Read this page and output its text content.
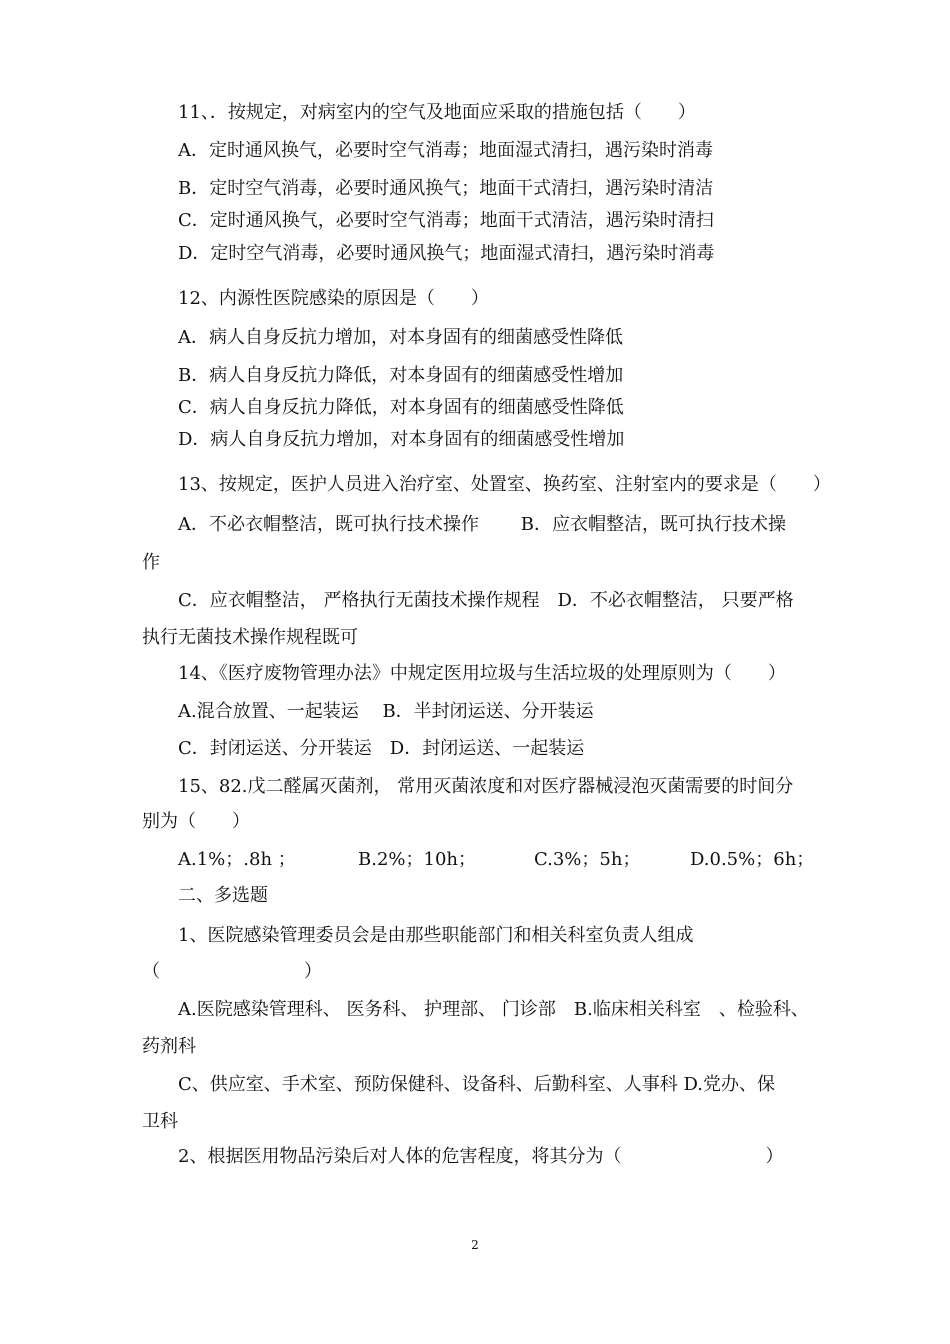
11、．按规定，对病室内的空气及地面应采取的措施包括（　　）
A．定时通风换气，必要时空气消毒；地面湿式清扫，遇污染时消毒
B．定时空气消毒，必要时通风换气；地面干式清扫，遇污染时清洁
C．定时通风换气，必要时空气消毒；地面干式清洁，遇污染时清扫
D．定时空气消毒，必要时通风换气；地面湿式清扫，遇污染时消毒
12、内源性医院感染的原因是（　　）
A．病人自身反抗力增加，对本身固有的细菌感受性降低
B．病人自身反抗力降低，对本身固有的细菌感受性增加
C．病人自身反抗力降低，对本身固有的细菌感受性降低
D．病人自身反抗力增加，对本身固有的细菌感受性增加
13、按规定，医护人员进入治疗室、处置室、换药室、注射室内的要求是（　　）
A．不必衣帽整洁，既可执行技术操作　　 B．应衣帽整洁，既可执行技术操
作
C．应衣帽整洁， 严格执行无菌技术操作规程　D．不必衣帽整洁， 只要严格
执行无菌技术操作规程既可
14、《医疗废物管理办法》中规定医用垃圾与生活垃圾的处理原则为（　　）
A.混合放置、一起装运　 B．半封闭运送、分开装运
C．封闭运送、分开装运　D．封闭运送、一起装运
15、82.戊二醛属灭菌剂， 常用灭菌浓度和对医疗器械浸泡灭菌需要的时间分
别为（　　）
A.1%；.8h ；	B.2%；10h；	C.3%；5h；	D.0.5%；6h；
二、多选题
1、医院感染管理委员会是由那些职能部门和相关科室负责人组成
（　　　　　　　　）
A.医院感染管理科、 医务科、 护理部、 门诊部　B.临床相关科室　、检验科、
药剂科
C、供应室、手术室、预防保健科、设备科、后勤科室、人事科 D.党办、保
卫科
2、根据医用物品污染后对人体的危害程度，将其分为（　　　　　　　　）
2
